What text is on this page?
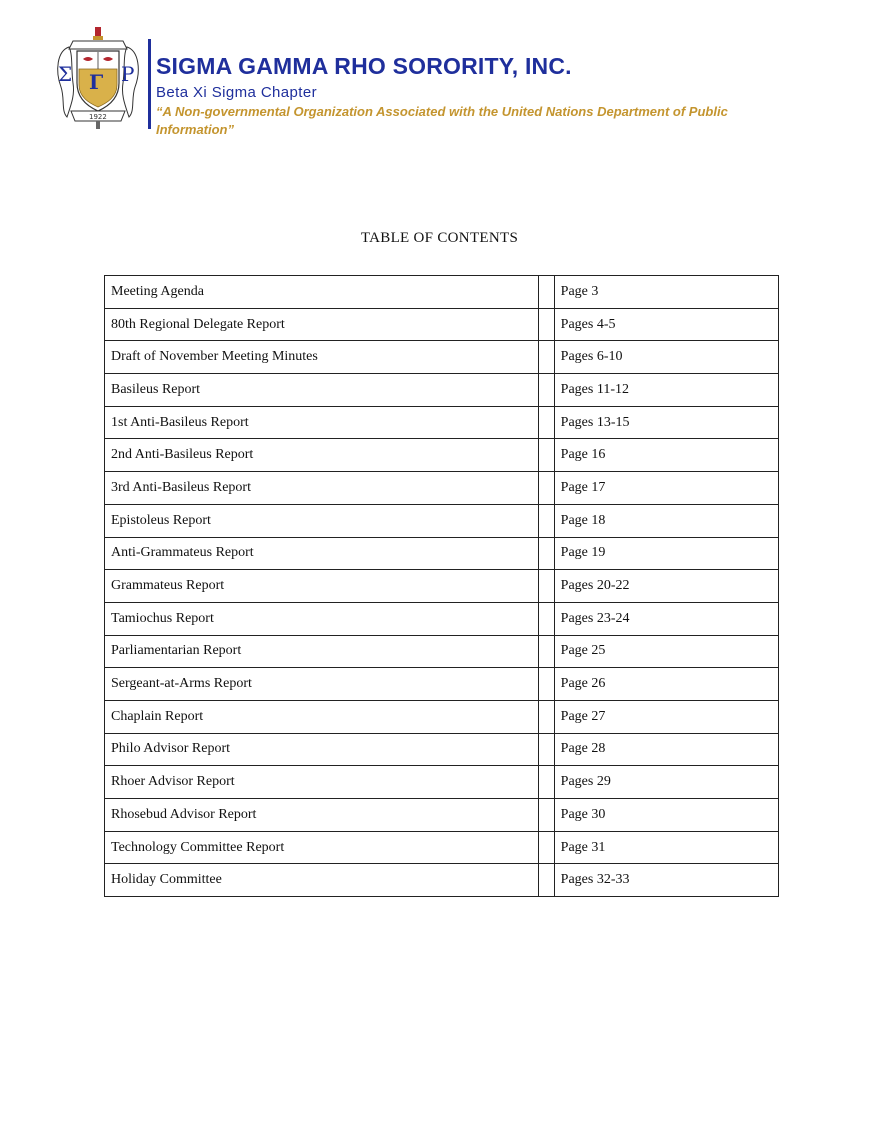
Σ Γ Ρ
1922
SIGMA GAMMA RHO SORORITY, INC.

Beta Xi Sigma Chapter

“A Non-governmental Organization Associated with the United Nations Department of Public Information”

TABLE OF CONTENTS
Meeting Agenda		Page 3
80th Regional Delegate Report		Pages 4-5
Draft of November Meeting Minutes		Pages 6-10
Basileus Report		Pages 11-12
1st Anti-Basileus Report		Pages 13-15
2nd Anti-Basileus Report		Page 16
3rd Anti-Basileus Report		Page 17
Epistoleus Report		Page 18
Anti-Grammateus Report		Page 19
Grammateus Report		Pages 20-22
Tamiochus Report		Pages 23-24
Parliamentarian Report		Page 25
Sergeant-at-Arms Report		Page 26
Chaplain Report		Page 27
Philo Advisor Report		Page 28
Rhoer Advisor Report		Pages 29
Rhosebud Advisor Report		Page 30
Technology Committee Report		Page 31
Holiday Committee		Pages 32-33
